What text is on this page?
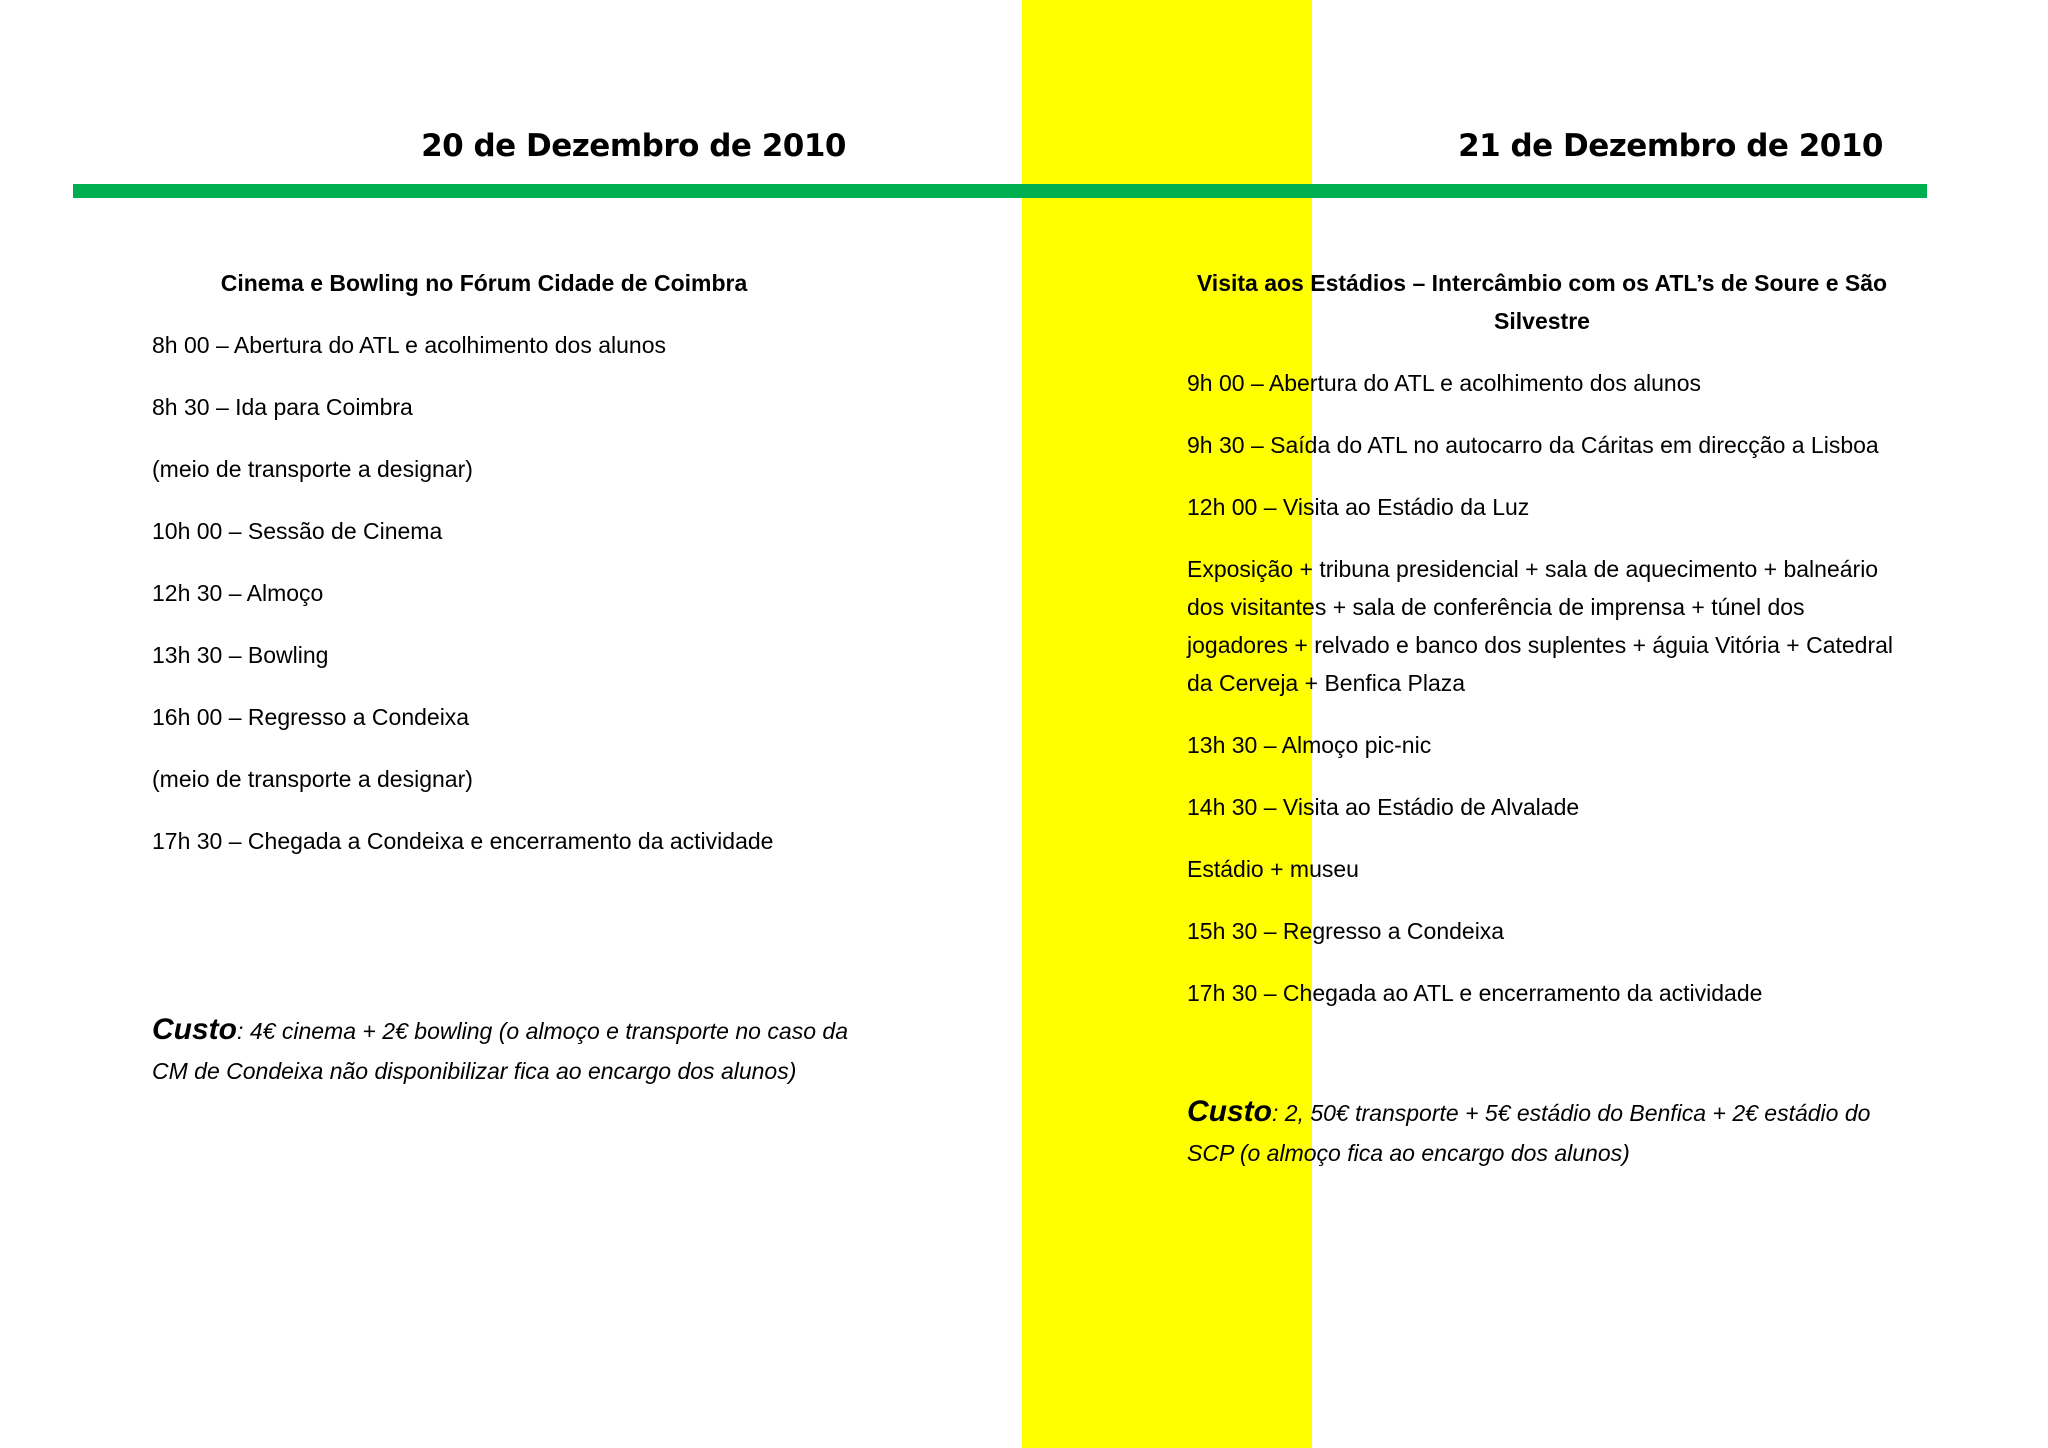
20 de Dezembro de 2010	21 de Dezembro de 2010
Cinema e Bowling no Fórum Cidade de Coimbra
8h 00 – Abertura do ATL e acolhimento dos alunos
8h 30 – Ida para Coimbra
(meio de transporte a designar)
10h 00 – Sessão de Cinema
12h 30 – Almoço
13h 30 – Bowling
16h 00 – Regresso a Condeixa
(meio de transporte a designar)
17h 30 – Chegada a Condeixa e encerramento da actividade
Custo: 4€ cinema + 2€ bowling (o almoço e transporte no caso da CM de Condeixa não disponibilizar fica ao encargo dos alunos)
Visita aos Estádios – Intercâmbio com os ATL’s de Soure e São Silvestre
9h 00 – Abertura do ATL e acolhimento dos alunos
9h 30 – Saída do ATL no autocarro da Cáritas em direcção a Lisboa
12h 00 – Visita ao Estádio da Luz
Exposição + tribuna presidencial + sala de aquecimento + balneário dos visitantes + sala de conferência de imprensa + túnel dos jogadores + relvado e banco dos suplentes + águia Vitória + Catedral da Cerveja + Benfica Plaza
13h 30 – Almoço pic-nic
14h 30 – Visita ao Estádio de Alvalade
Estádio + museu
15h 30 – Regresso a Condeixa
17h 30 – Chegada ao ATL e encerramento da actividade
Custo: 2, 50€ transporte + 5€ estádio do Benfica + 2€ estádio do SCP (o almoço fica ao encargo dos alunos)
